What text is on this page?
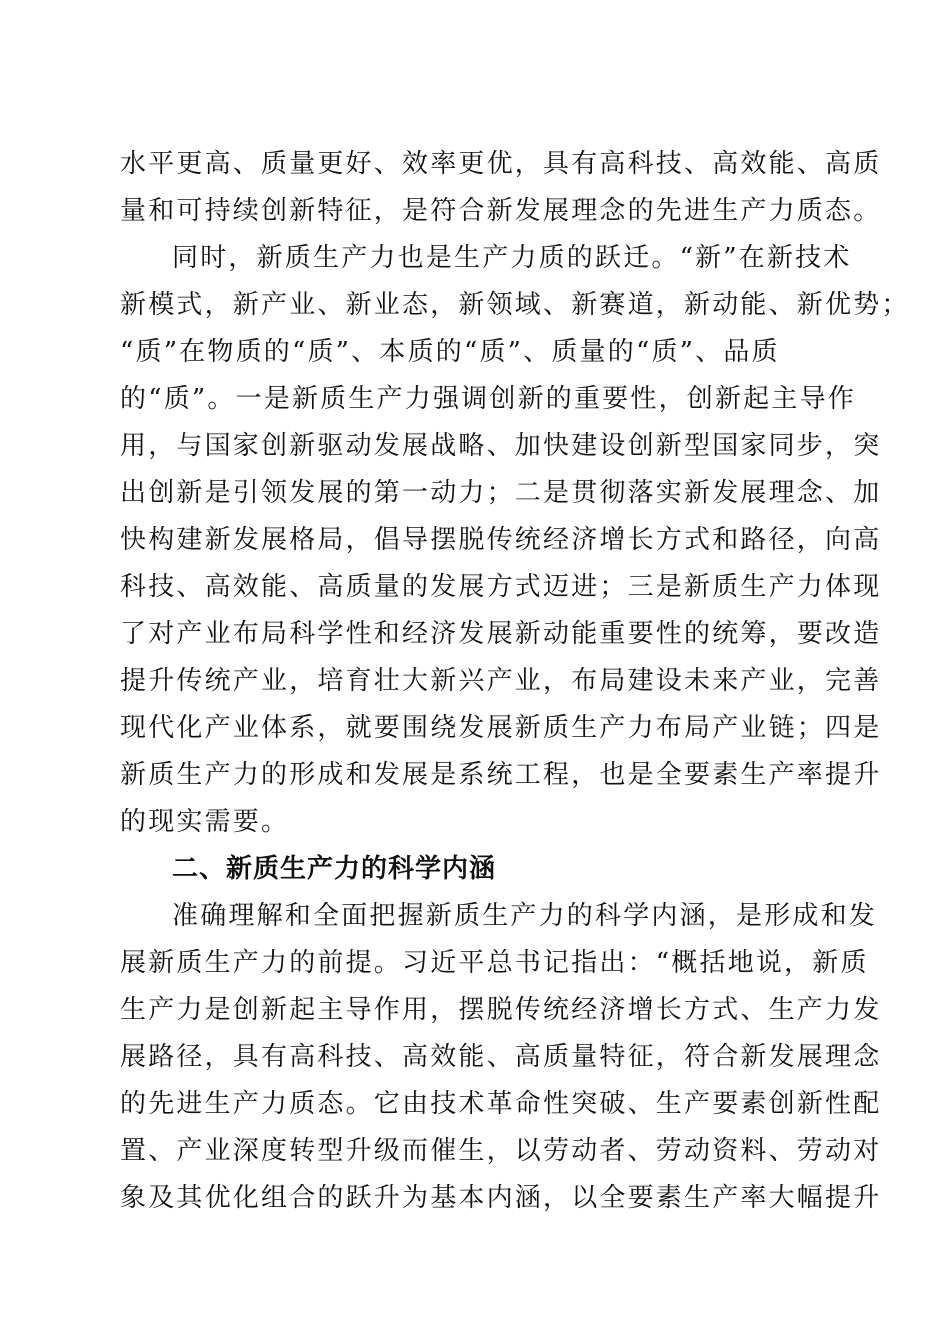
水平更高、质量更好、效率更优，具有高科技、高效能、高质
量和可持续创新特征，是符合新发展理念的先进生产力质态。
同时，新质生产力也是生产力质的跃迁。“新”在新技术
新模式，新产业、新业态，新领域、新赛道，新动能、新优势；
“质”在物质的“质”、本质的“质”、质量的“质”、品质
的“质”。一是新质生产力强调创新的重要性，创新起主导作
用，与国家创新驱动发展战略、加快建设创新型国家同步，突
出创新是引领发展的第一动力；二是贯彻落实新发展理念、加
快构建新发展格局，倡导摆脱传统经济增长方式和路径，向高
科技、高效能、高质量的发展方式迈进；三是新质生产力体现
了对产业布局科学性和经济发展新动能重要性的统筹，要改造
提升传统产业，培育壮大新兴产业，布局建设未来产业，完善
现代化产业体系，就要围绕发展新质生产力布局产业链；四是
新质生产力的形成和发展是系统工程，也是全要素生产率提升
的现实需要。
二、新质生产力的科学内涵
准确理解和全面把握新质生产力的科学内涵，是形成和发
展新质生产力的前提。习近平总书记指出：“概括地说，新质
生产力是创新起主导作用，摆脱传统经济增长方式、生产力发
展路径，具有高科技、高效能、高质量特征，符合新发展理念
的先进生产力质态。它由技术革命性突破、生产要素创新性配
置、产业深度转型升级而催生，以劳动者、劳动资料、劳动对
象及其优化组合的跃升为基本内涵，以全要素生产率大幅提升
